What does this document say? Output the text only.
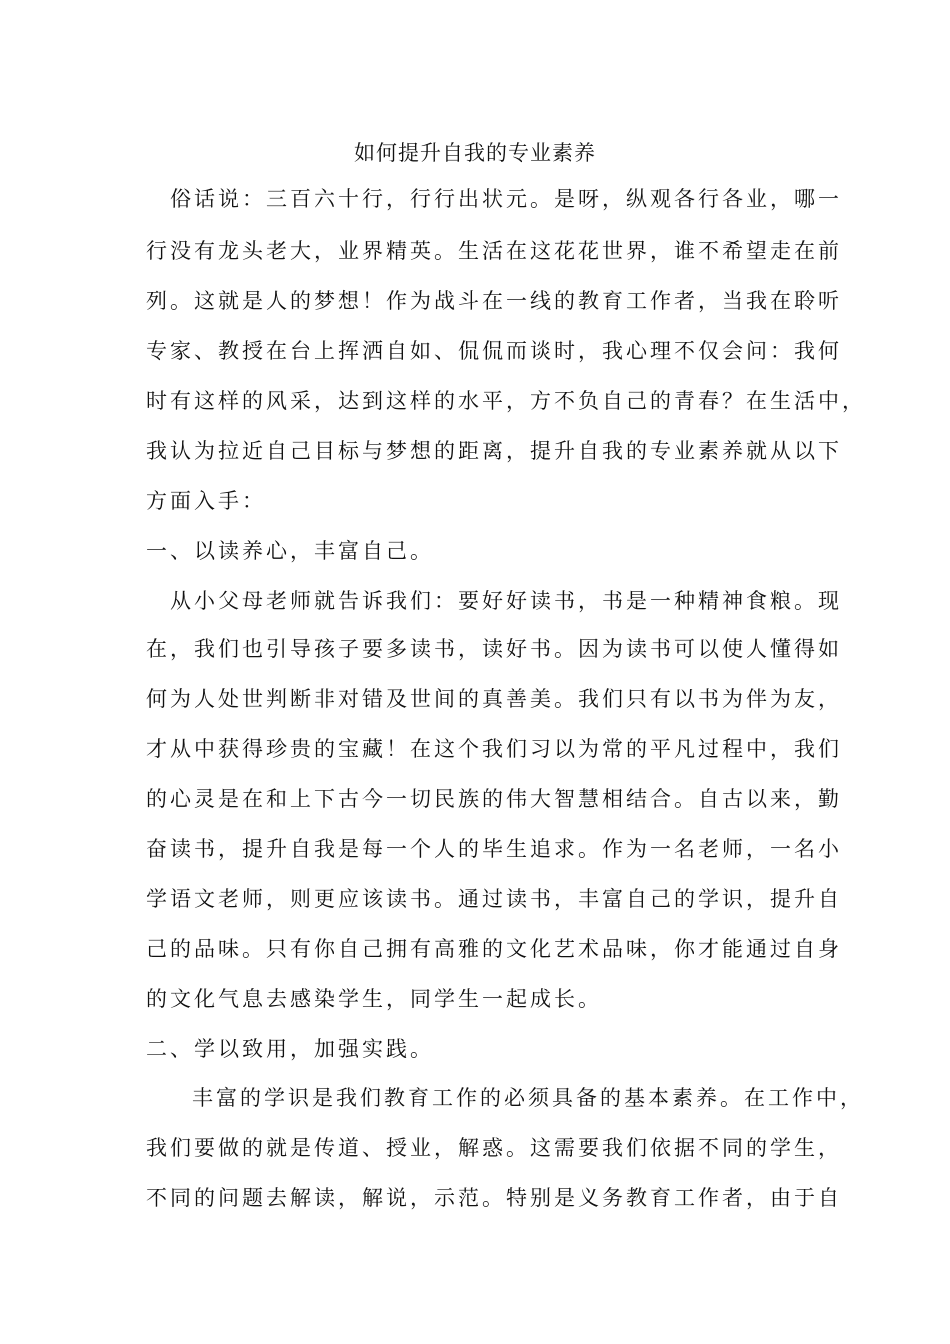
如何提升自我的专业素养
俗话说：三百六十行，行行出状元。是呀，纵观各行各业，哪一
行没有龙头老大，业界精英。生活在这花花世界，谁不希望走在前
列。这就是人的梦想！作为战斗在一线的教育工作者，当我在聆听
专家、教授在台上挥洒自如、侃侃而谈时，我心理不仅会问：我何
时有这样的风采，达到这样的水平，方不负自己的青春？在生活中，
我认为拉近自己目标与梦想的距离，提升自我的专业素养就从以下
方面入手：
一、以读养心，丰富自己。
从小父母老师就告诉我们：要好好读书，书是一种精神食粮。现
在，我们也引导孩子要多读书，读好书。因为读书可以使人懂得如
何为人处世判断非对错及世间的真善美。我们只有以书为伴为友，
才从中获得珍贵的宝藏！在这个我们习以为常的平凡过程中，我们
的心灵是在和上下古今一切民族的伟大智慧相结合。自古以来，勤
奋读书，提升自我是每一个人的毕生追求。作为一名老师，一名小
学语文老师，则更应该读书。通过读书，丰富自己的学识，提升自
己的品味。只有你自己拥有高雅的文化艺术品味，你才能通过自身
的文化气息去感染学生，同学生一起成长。
二、学以致用，加强实践。
丰富的学识是我们教育工作的必须具备的基本素养。在工作中，
我们要做的就是传道、授业，解惑。这需要我们依据不同的学生，
不同的问题去解读，解说，示范。特别是义务教育工作者，由于自
